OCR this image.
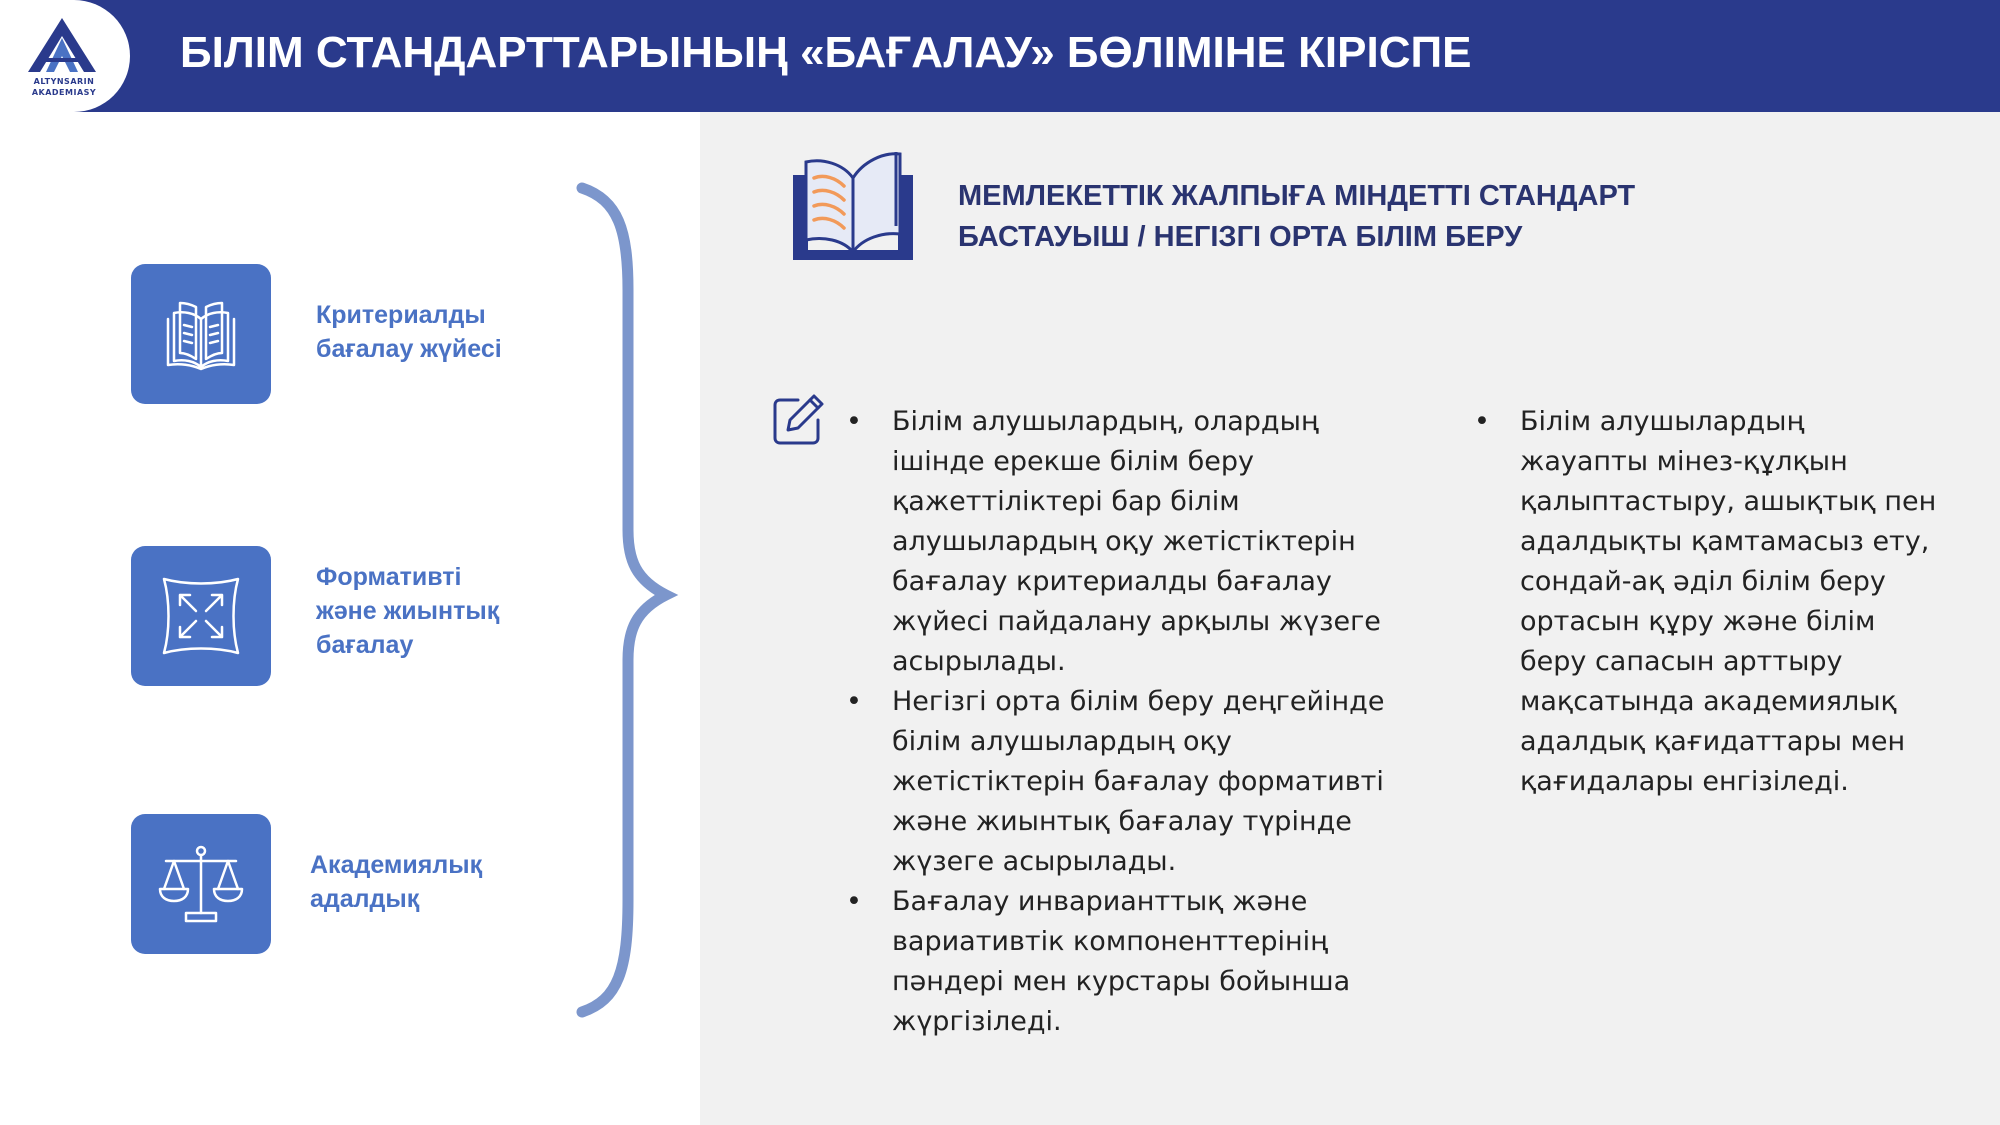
ALTYNSARIN
AKADEMIASY
БІЛІМ СТАНДАРТТАРЫНЫҢ «БАҒАЛАУ» БӨЛІМІНЕ КІРІСПЕ
Критериалды
бағалау жүйесі
Формативті
және жиынтық
бағалау
Академиялық
адалдық
МЕМЛЕКЕТТІК ЖАЛПЫҒА МІНДЕТТІ СТАНДАРТ
БАСТАУЫШ / НЕГІЗГІ ОРТА БІЛІМ БЕРУ
• Білім алушылардың, олардың
ішінде ерекше білім беру
қажеттіліктері бар білім
алушылардың оқу жетістіктерін
бағалау критериалды бағалау
жүйесі пайдалану арқылы жүзеге
асырылады.
• Негізгі орта білім беру деңгейінде
білім алушылардың оқу
жетістіктерін бағалау формативті
және жиынтық бағалау түрінде
жүзеге асырылады.
• Бағалау инварианттық және
вариативтік компоненттерінің
пәндері мен курстары бойынша
жүргізіледі.
• Білім алушылардың
жауапты мінез-құлқын
қалыптастыру, ашықтық пен
адалдықты қамтамасыз ету,
сондай-ақ әділ білім беру
ортасын құру және білім
беру сапасын арттыру
мақсатында академиялық
адалдық қағидаттары мен
қағидалары енгізіледі.
